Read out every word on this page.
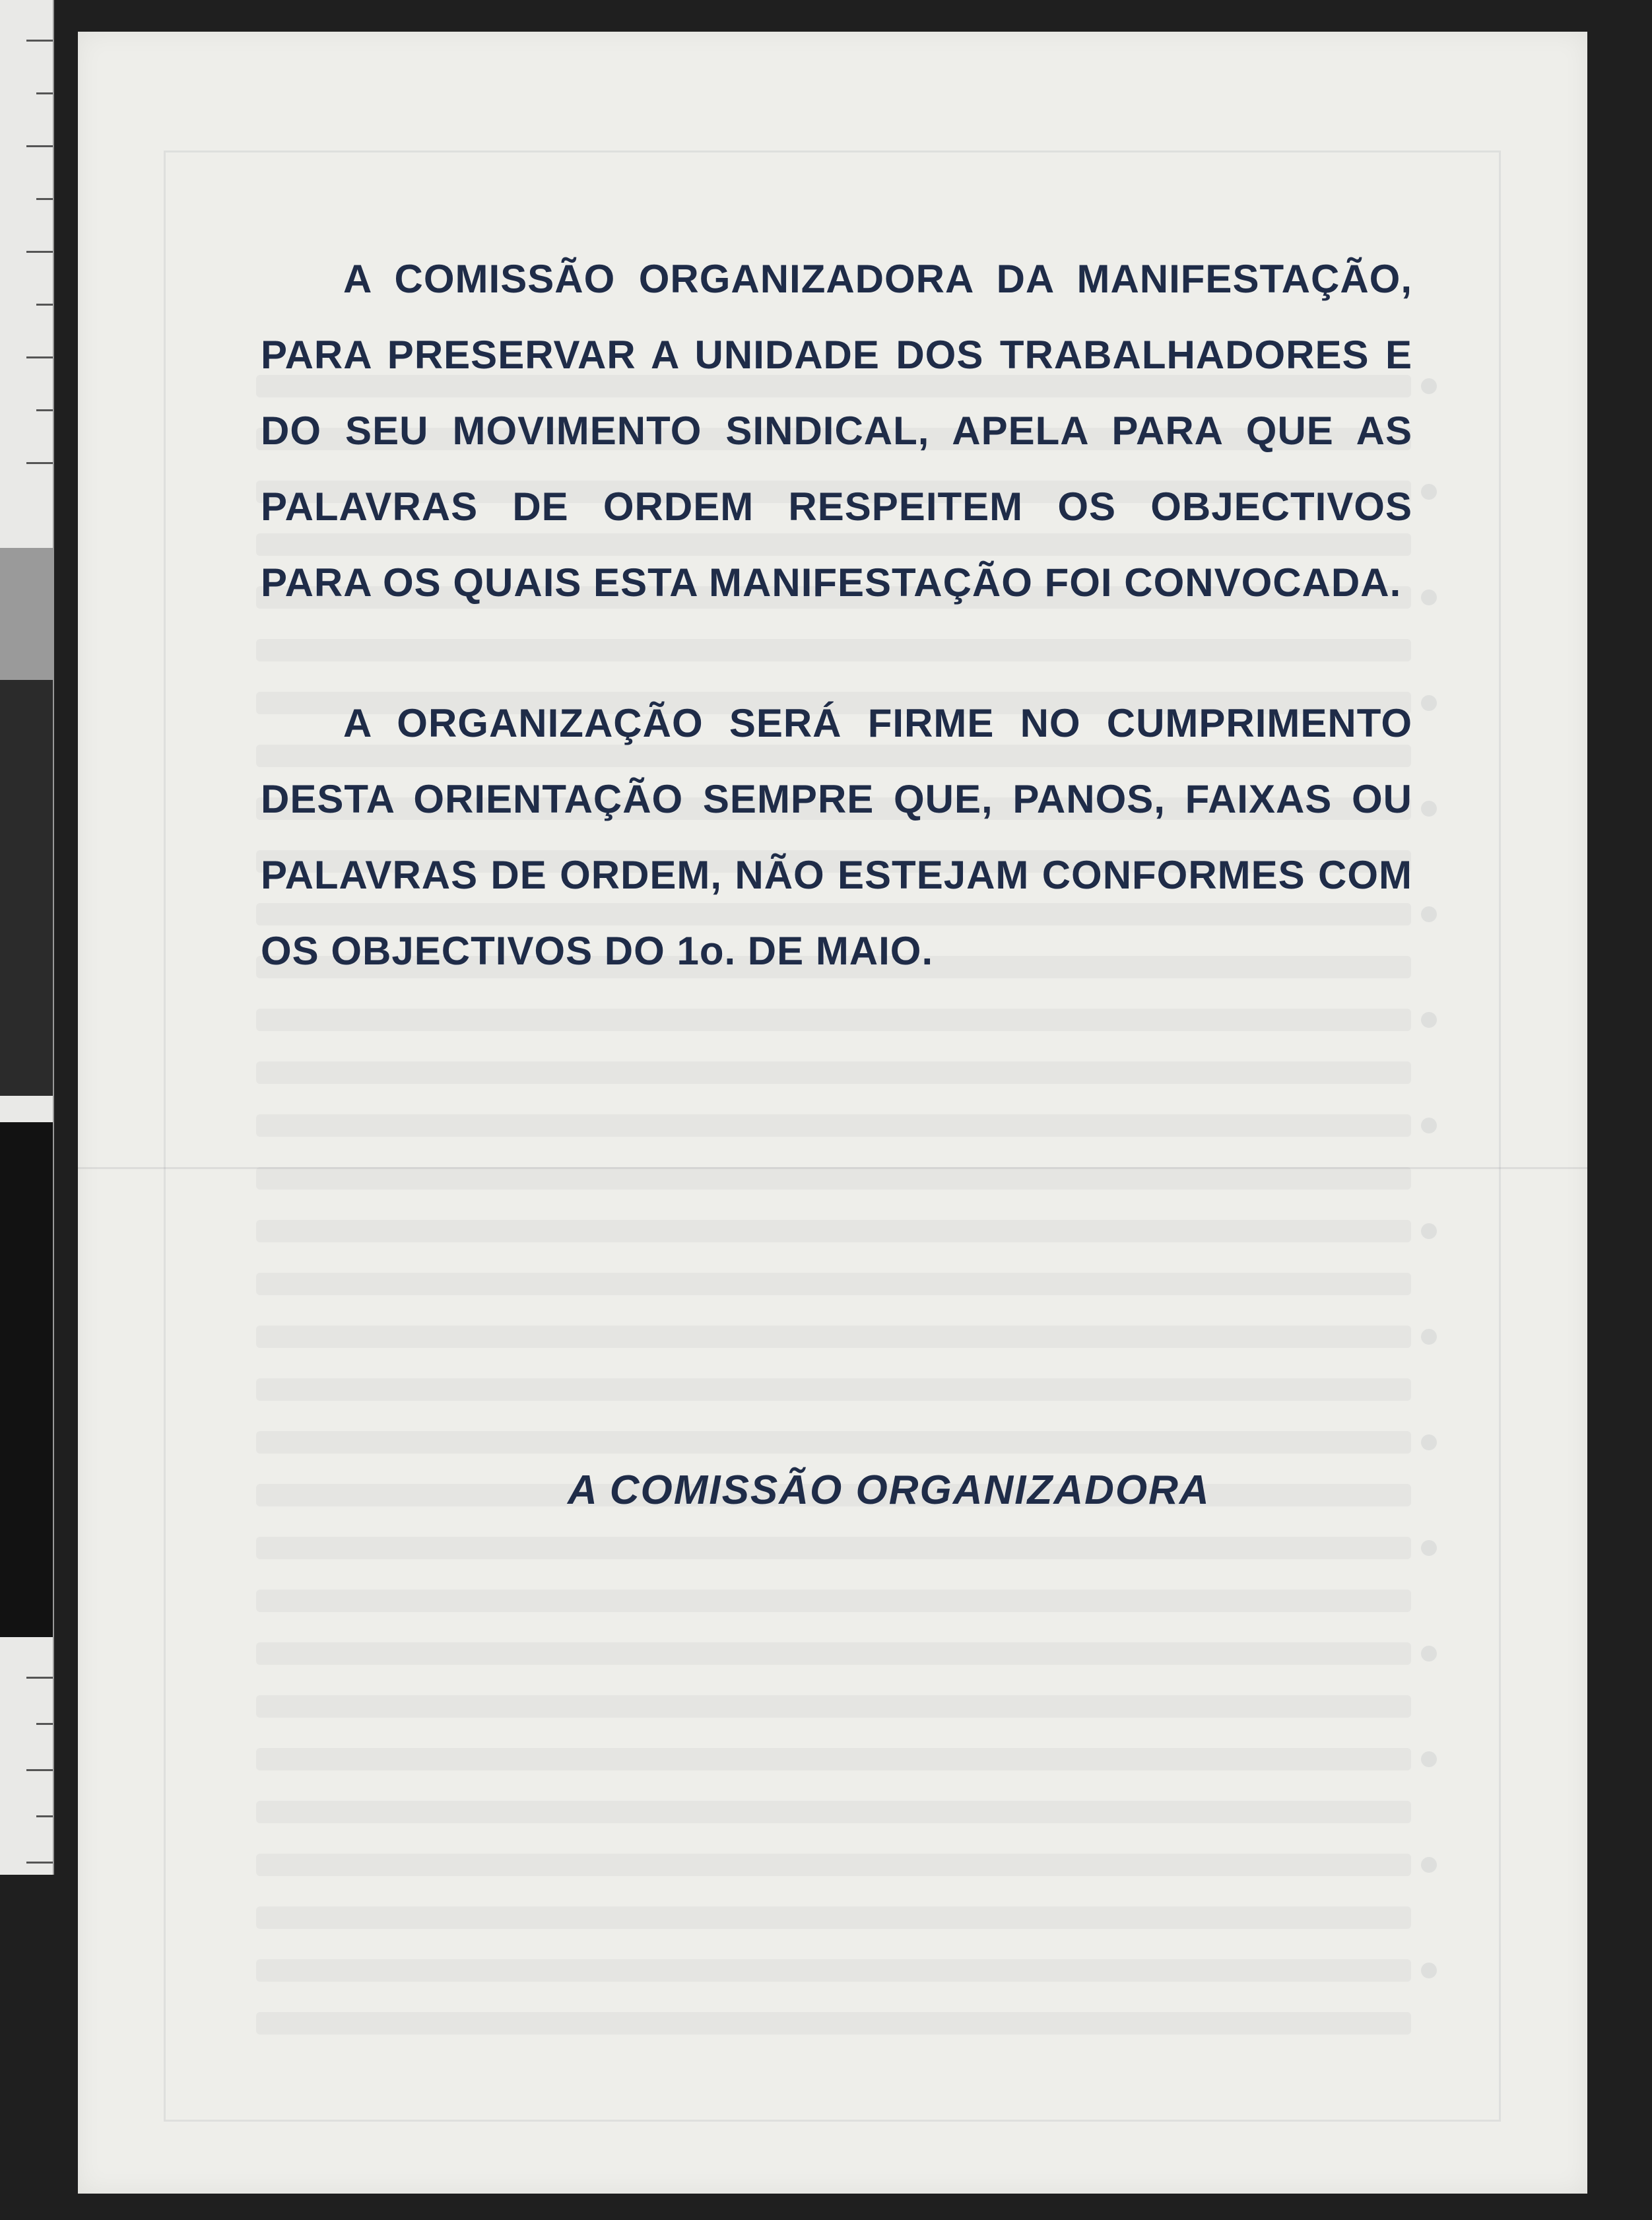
A COMISSÃO ORGANIZADORA DA MANIFESTAÇÃO, PARA PRESERVAR A UNIDADE DOS TRABALHADORES E DO SEU MOVIMENTO SINDICAL, APELA PARA QUE AS PALAVRAS DE ORDEM RESPEITEM OS OBJECTIVOS PARA OS QUAIS ESTA MANIFESTAÇÃO FOI CONVOCADA.

A ORGANIZAÇÃO SERÁ FIRME NO CUMPRIMENTO DESTA ORIENTAÇÃO SEMPRE QUE, PANOS, FAIXAS OU PALAVRAS DE ORDEM, NÃO ESTEJAM CONFORMES COM OS OBJECTIVOS DO 1o. DE MAIO.

A COMISSÃO ORGANIZADORA
